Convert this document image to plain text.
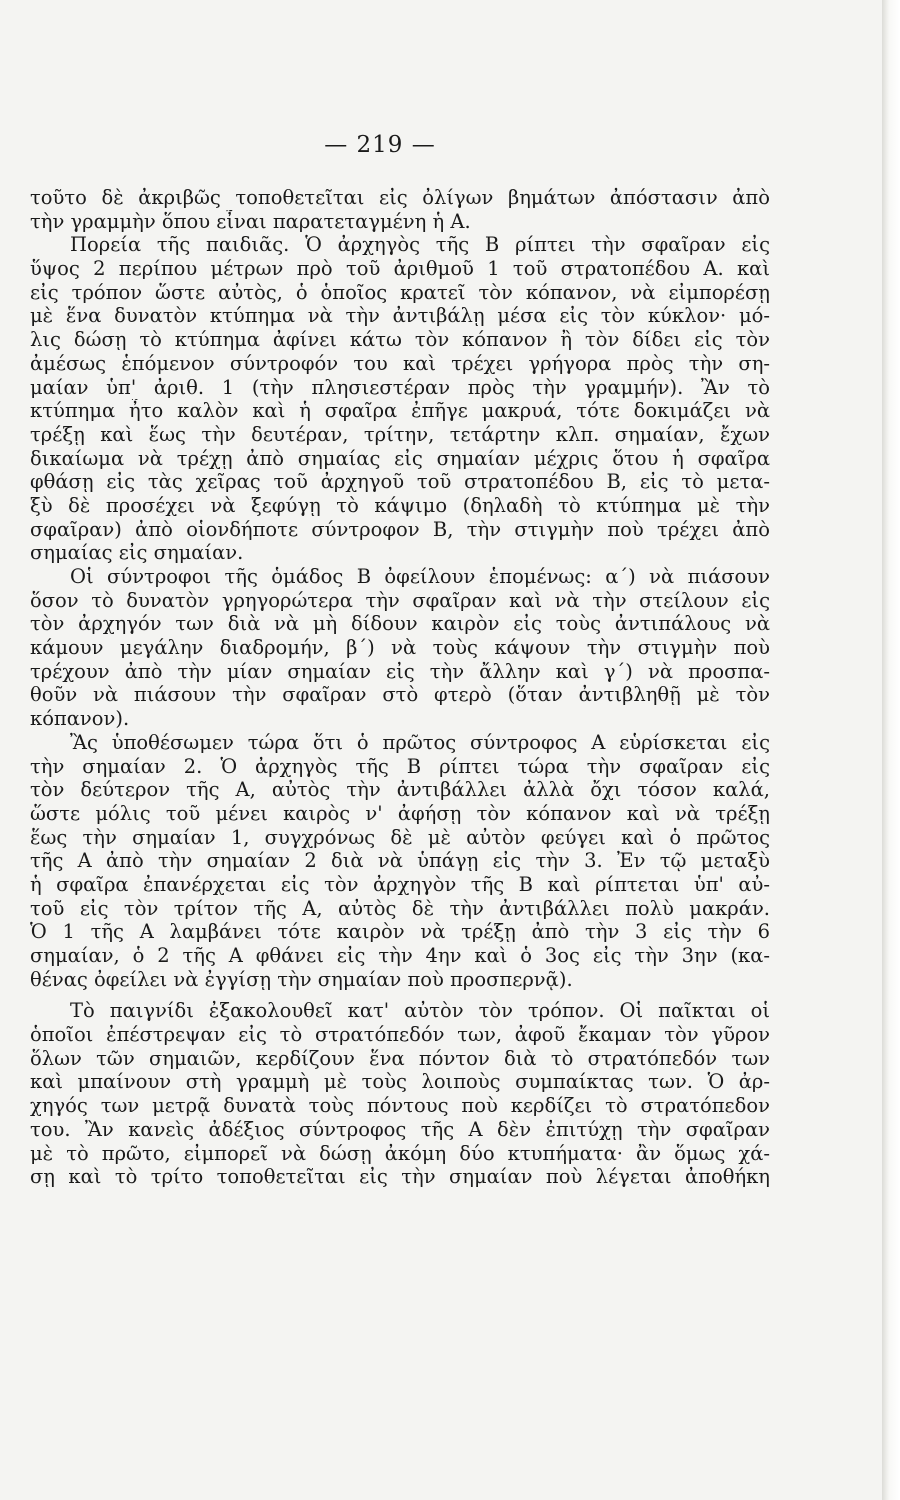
— 219 —
τοῦτο δὲ ἀκριβῶς τοποθετεῖται εἰς ὀλίγων βημάτων ἀπόστασιν ἀπὸ
τὴν γραμμὴν ὅπου εἶναι παρατεταγμένη ἡ Α.
Πορεία τῆς παιδιᾶς. Ὁ ἀρχηγὸς τῆς Β ρίπτει τὴν σφαῖραν εἰς
ὕψος 2 περίπου μέτρων πρὸ τοῦ ἀριθμοῦ 1 τοῦ στρατοπέδου Α. καὶ
εἰς τρόπον ὥστε αὐτὸς, ὁ ὁποῖος κρατεῖ τὸν κόπανον, νὰ εἰμπορέσῃ
μὲ ἕνα δυνατὸν κτύπημα νὰ τὴν ἀντιβάλῃ μέσα εἰς τὸν κύκλον· μό-
λις δώσῃ τὸ κτύπημα ἀφίνει κάτω τὸν κόπανον ἢ τὸν δίδει εἰς τὸν
ἀμέσως ἑπόμενον σύντροφόν του καὶ τρέχει γρήγορα πρὸς τὴν ση-
μαίαν ὑπ' ἀριθ. 1 (τὴν πλησιεστέραν πρὸς τὴν γραμμήν). Ἂν τὸ
κτύπημα ἦτο καλὸν καὶ ἡ σφαῖρα ἐπῆγε μακρυά, τότε δοκιμάζει νὰ
τρέξῃ καὶ ἕως τὴν δευτέραν, τρίτην, τετάρτην κλπ. σημαίαν, ἔχων
δικαίωμα νὰ τρέχῃ ἀπὸ σημαίας εἰς σημαίαν μέχρις ὅτου ἡ σφαῖρα
φθάσῃ εἰς τὰς χεῖρας τοῦ ἀρχηγοῦ τοῦ στρατοπέδου Β, εἰς τὸ μετα-
ξὺ δὲ προσέχει νὰ ξεφύγῃ τὸ κάψιμο (δηλαδὴ τὸ κτύπημα μὲ τὴν
σφαῖραν) ἀπὸ οἱονδήποτε σύντροφον Β, τὴν στιγμὴν ποὺ τρέχει ἀπὸ
σημαίας εἰς σημαίαν.
Οἱ σύντροφοι τῆς ὁμάδος Β ὀφείλουν ἑπομένως: α΄) νὰ πιάσουν
ὅσον τὸ δυνατὸν γρηγορώτερα τὴν σφαῖραν καὶ νὰ τὴν στείλουν εἰς
τὸν ἀρχηγόν των διὰ νὰ μὴ δίδουν καιρὸν εἰς τοὺς ἀντιπάλους νὰ
κάμουν μεγάλην διαδρομήν, β΄) νὰ τοὺς κάψουν τὴν στιγμὴν ποὺ
τρέχουν ἀπὸ τὴν μίαν σημαίαν εἰς τὴν ἄλλην καὶ γ΄) νὰ προσπα-
θοῦν νὰ πιάσουν τὴν σφαῖραν στὸ φτερὸ (ὅταν ἀντιβληθῇ μὲ τὸν
κόπανον).
Ἂς ὑποθέσωμεν τώρα ὅτι ὁ πρῶτος σύντροφος Α εὑρίσκεται εἰς
τὴν σημαίαν 2. Ὁ ἀρχηγὸς τῆς Β ρίπτει τώρα τὴν σφαῖραν εἰς
τὸν δεύτερον τῆς Α, αὐτὸς τὴν ἀντιβάλλει ἀλλὰ ὄχι τόσον καλά,
ὥστε μόλις τοῦ μένει καιρὸς ν' ἀφήσῃ τὸν κόπανον καὶ νὰ τρέξῃ
ἕως τὴν σημαίαν 1, συγχρόνως δὲ μὲ αὐτὸν φεύγει καὶ ὁ πρῶτος
τῆς Α ἀπὸ τὴν σημαίαν 2 διὰ νὰ ὑπάγῃ εἰς τὴν 3. Ἐν τῷ μεταξὺ
ἡ σφαῖρα ἐπανέρχεται εἰς τὸν ἀρχηγὸν τῆς Β καὶ ρίπτεται ὑπ' αὐ-
τοῦ εἰς τὸν τρίτον τῆς Α, αὐτὸς δὲ τὴν ἀντιβάλλει πολὺ μακράν.
Ὁ 1 τῆς Α λαμβάνει τότε καιρὸν νὰ τρέξῃ ἀπὸ τὴν 3 εἰς τὴν 6
σημαίαν, ὁ 2 τῆς Α φθάνει εἰς τὴν 4ην καὶ ὁ 3ος εἰς τὴν 3ην (κα-
θένας ὀφείλει νὰ ἐγγίσῃ τὴν σημαίαν ποὺ προσπερνᾷ).
Τὸ παιγνίδι ἐξακολουθεῖ κατ' αὐτὸν τὸν τρόπον. Οἱ παῖκται οἱ
ὁποῖοι ἐπέστρεψαν εἰς τὸ στρατόπεδόν των, ἀφοῦ ἔκαμαν τὸν γῦρον
ὅλων τῶν σημαιῶν, κερδίζουν ἕνα πόντον διὰ τὸ στρατόπεδόν των
καὶ μπαίνουν στὴ γραμμὴ μὲ τοὺς λοιποὺς συμπαίκτας των. Ὁ ἀρ-
χηγός των μετρᾷ δυνατὰ τοὺς πόντους ποὺ κερδίζει τὸ στρατόπεδον
του. Ἂν κανεὶς ἀδέξιος σύντροφος τῆς Α δὲν ἐπιτύχῃ τὴν σφαῖραν
μὲ τὸ πρῶτο, εἰμπορεῖ νὰ δώσῃ ἀκόμη δύο κτυπήματα· ἂν ὅμως χά-
σῃ καὶ τὸ τρίτο τοποθετεῖται εἰς τὴν σημαίαν ποὺ λέγεται ἀποθήκη
